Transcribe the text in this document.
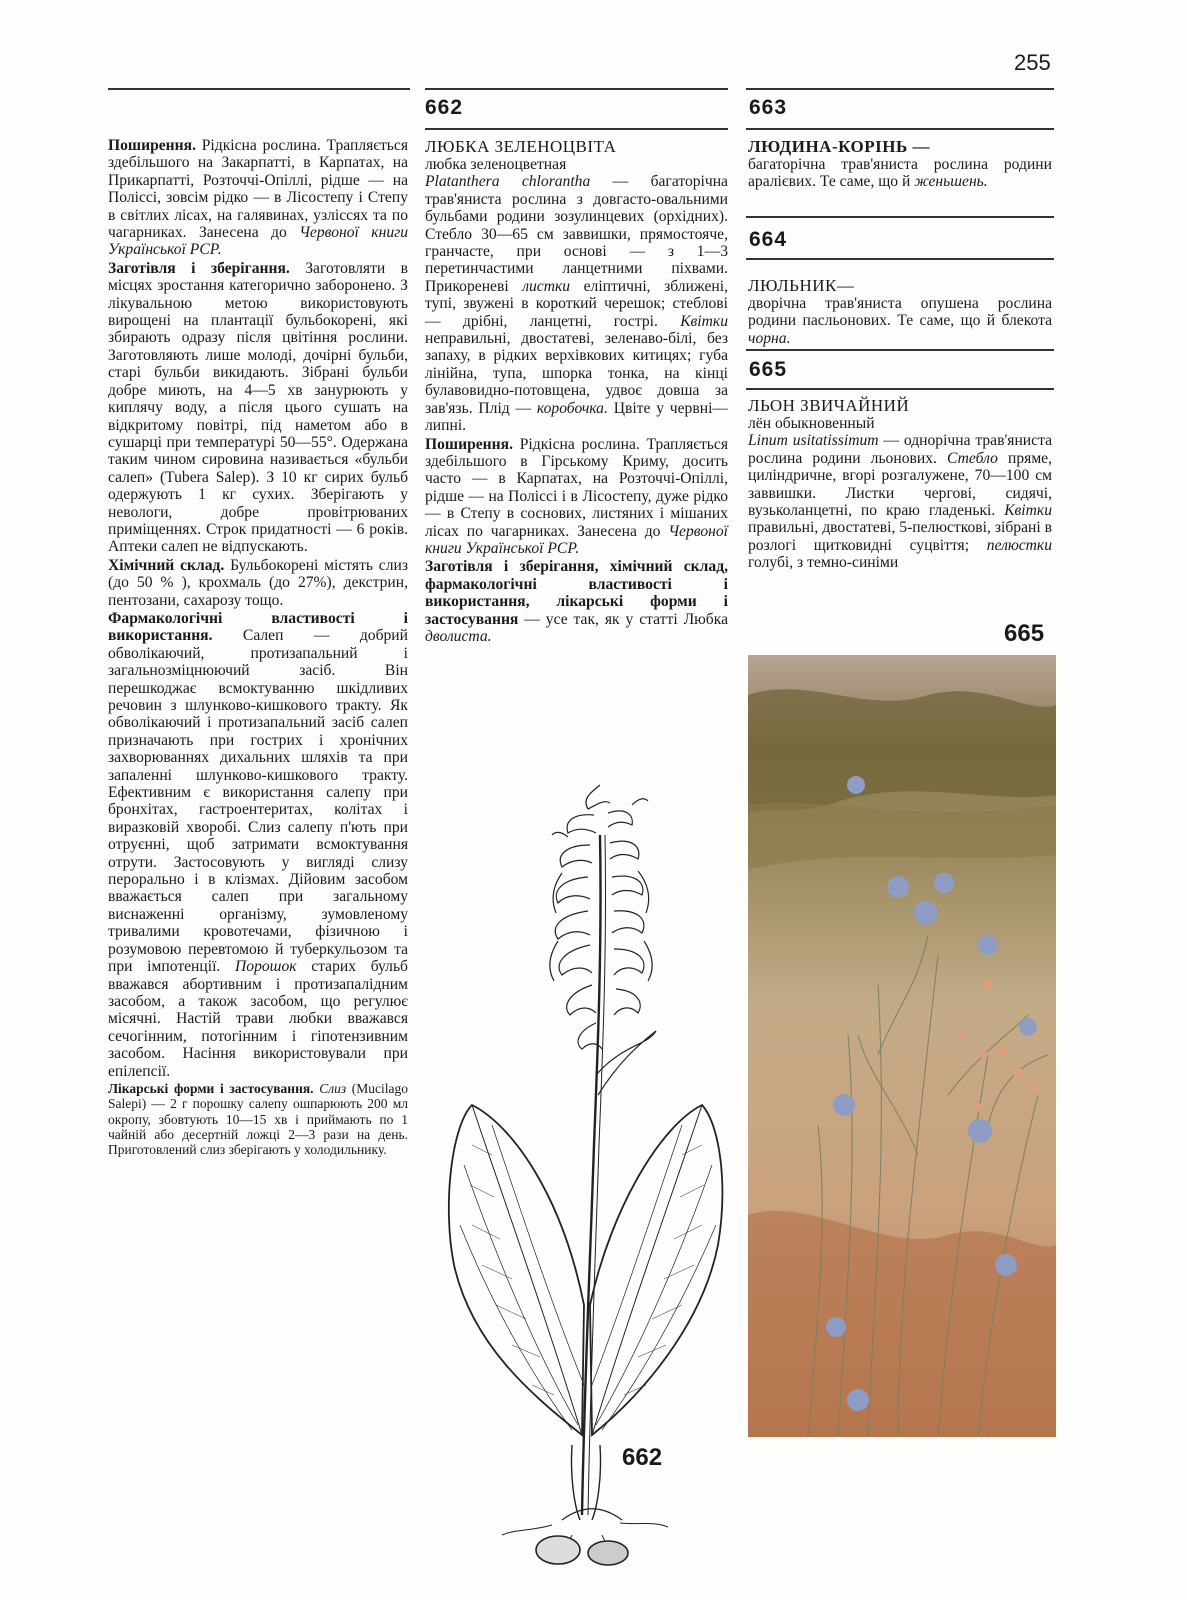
255

Поширення. Рідкісна рослина. Трапляється здебільшого на Закарпатті, в Карпатах, на Прикарпатті, Розточчі-Опіллі, рідше — на Поліссі, зовсім рідко — в Лісостепу і Степу в світлих лісах, на галявинах, узліссях та по чагарниках. Занесена до Червоної книги Української РСР.

Заготівля і зберігання. Заготовляти в місцях зростання категорично заборонено. З лікувальною метою використовують вирощені на плантації бульбокорені, які збирають одразу після цвітіння рослини. Заготовляють лише молоді, дочірні бульби, старі бульби викидають. Зібрані бульби добре миють, на 4—5 хв занурюють у киплячу воду, а після цього сушать на відкритому повітрі, під наметом або в сушарці при температурі 50—55°. Одержана таким чином сировина називається «бульби салеп» (Tubera Salep). З 10 кг сирих бульб одержують 1 кг сухих. Зберігають у невологи, добре провітрюваних приміщеннях. Строк придатності — 6 років. Аптеки салеп не відпускають.

Хімічний склад. Бульбокорені містять слиз (до 50 % ), крохмаль (до 27%), декстрин, пентозани, сахарозу тощо.

Фармакологічні властивості і використання. Салеп — добрий обволікаючий, протизапальний і загальнозміцнюючий засіб. Він перешкоджає всмоктуванню шкідливих речовин з шлунково-кишкового тракту. Як обволікаючий і протизапальний засіб салеп призначають при гострих і хронічних захворюваннях дихальних шляхів та при запаленні шлунково-кишкового тракту. Ефективним є використання салепу при бронхітах, гастроентеритах, колітах і виразковій хворобі. Слиз салепу п'ють при отруєнні, щоб затримати всмоктування отрути. Застосовують у вигляді слизу перорально і в клізмах. Дійовим засобом вважається салеп при загальному виснаженні організму, зумовленому тривалими кровотечами, фізичною і розумовою перевтомою й туберкульозом та при імпотенції. Порошок старих бульб вважався абортивним і протизапалідним засобом, а також засобом, що регулює місячні. Настій трави любки вважався сечогінним, потогінним і гіпотензивним засобом. Насіння використовували при епілепсії.

Лікарські форми і застосування. Слиз (Mucilago Salepi) — 2 г порошку салепу ошпарюють 200 мл окропу, збовтують 10—15 хв і приймають по 1 чайній або десертній ложці 2—3 рази на день. Приготовлений слиз зберігають у холодильнику.

662
ЛЮБКА ЗЕЛЕНОЦВІТА
любка зеленоцветная

Platanthera chlorantha — багаторічна трав'яниста рослина з довгасто-овальними бульбами родини зозулинцевих (орхідних). Стебло 30—65 см заввишки, прямостояче, гранчасте, при основі — з 1—3 перетинчастими ланцетними піхвами. Прикореневі листки еліптичні, зближені, тупі, звужені в короткий черешок; стеблові — дрібні, ланцетні, гострі. Квітки неправильні, двостатеві, зеленаво-білі, без запаху, в рідких верхівкових китицях; губа лінійна, тупа, шпорка тонка, на кінці булавовидно-потовщена, удвоє довша за зав'язь. Плід — коробочка. Цвіте у червні—липні.

Поширення. Рідкісна рослина. Трапляється здебільшого в Гірському Криму, досить часто — в Карпатах, на Розточчі-Опіллі, рідше — на Поліссі і в Лісостепу, дуже рідко — в Степу в соснових, листяних і мішаних лісах по чагарниках. Занесена до Червоної книги Української РСР.

Заготівля і зберігання, хімічний склад, фармакологічні властивості і використання, лікарські форми і застосування — усе так, як у статті Любка дволиста.

662
663
ЛЮДИНА-КОРІНЬ —

багаторічна трав'яниста рослина родини аралієвих. Те саме, що й женьшень.

664
ЛЮЛЬНИК—

дворічна трав'яниста опушена рослина родини пасльонових. Те саме, що й блекота чорна.

665
ЛЬОН ЗВИЧАЙНИЙ
лён обыкновенный

Linum usitatissimum — однорічна трав'яниста рослина родини льонових. Стебло пряме, циліндричне, вгорі розгалужене, 70—100 см заввишки. Листки черговi, сидячі, вузьколанцетні, по краю гладенькі. Квітки правильні, двостатеві, 5-пелюсткові, зібрані в розлогі щитковидні суцвіття; пелюстки голубі, з темно-синіми

665
